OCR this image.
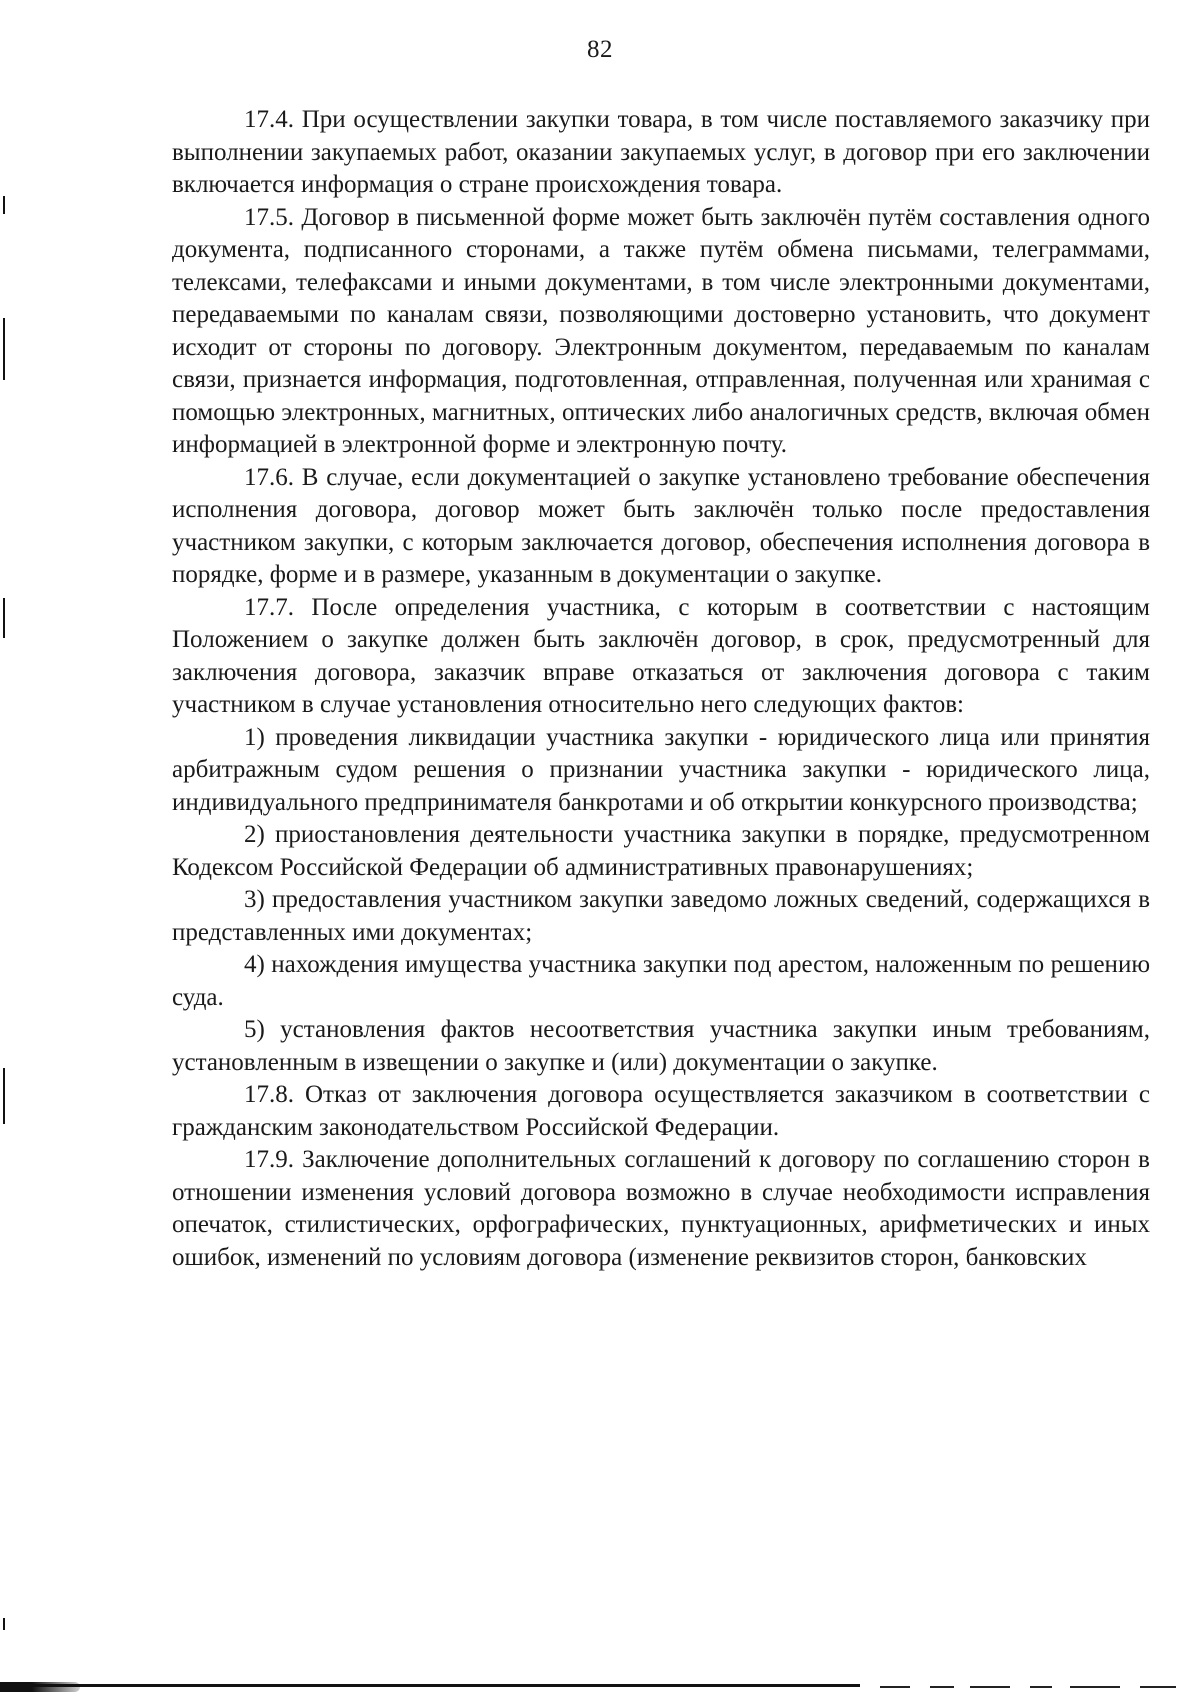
82

17.4. При осуществлении закупки товара, в том числе поставляемого заказчику при выполнении закупаемых работ, оказании закупаемых услуг, в договор при его заключении включается информация о стране происхождения товара.

17.5. Договор в письменной форме может быть заключён путём составления одного документа, подписанного сторонами, а также путём обмена письмами, телеграммами, телексами, телефаксами и иными документами, в том числе электронными документами, передаваемыми по каналам связи, позволяющими достоверно установить, что документ исходит от стороны по договору. Электронным документом, передаваемым по каналам связи, признается информация, подготовленная, отправленная, полученная или хранимая с помощью электронных, магнитных, оптических либо аналогичных средств, включая обмен информацией в электронной форме и электронную почту.

17.6. В случае, если документацией о закупке установлено требование обеспечения исполнения договора, договор может быть заключён только после предоставления участником закупки, с которым заключается договор, обеспечения исполнения договора в порядке, форме и в размере, указанным в документации о закупке.

17.7. После определения участника, с которым в соответствии с настоящим Положением о закупке должен быть заключён договор, в срок, предусмотренный для заключения договора, заказчик вправе отказаться от заключения договора с таким участником в случае установления относительно него следующих фактов:

1) проведения ликвидации участника закупки - юридического лица или принятия арбитражным судом решения о признании участника закупки - юридического лица, индивидуального предпринимателя банкротами и об открытии конкурсного производства;

2) приостановления деятельности участника закупки в порядке, предусмотренном Кодексом Российской Федерации об административных правонарушениях;

3) предоставления участником закупки заведомо ложных сведений, содержащихся в представленных ими документах;

4) нахождения имущества участника закупки под арестом, наложенным по решению суда.

5) установления фактов несоответствия участника закупки иным требованиям, установленным в извещении о закупке и (или) документации о закупке.

17.8. Отказ от заключения договора осуществляется заказчиком в соответствии с гражданским законодательством Российской Федерации.

17.9. Заключение дополнительных соглашений к договору по соглашению сторон в отношении изменения условий договора возможно в случае необходимости исправления опечаток, стилистических, орфографических, пунктуационных, арифметических и иных ошибок, изменений по условиям договора (изменение реквизитов сторон, банковских
